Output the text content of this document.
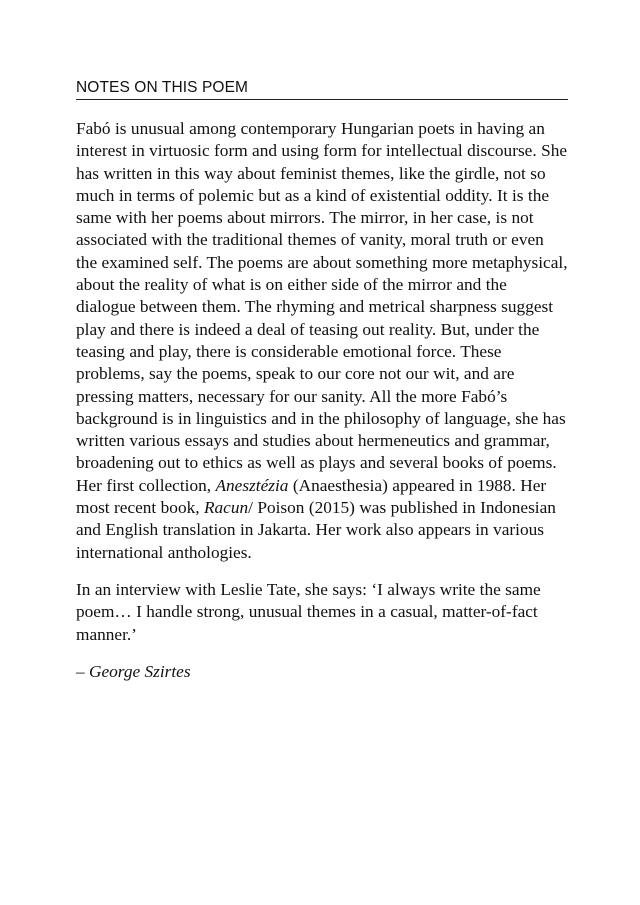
NOTES ON THIS POEM

Fabó is unusual among contemporary Hungarian poets in having an interest in virtuosic form and using form for intellectual discourse. She has written in this way about feminist themes, like the girdle, not so much in terms of polemic but as a kind of existential oddity. It is the same with her poems about mirrors. The mirror, in her case, is not associated with the traditional themes of vanity, moral truth or even the examined self. The poems are about something more metaphysical, about the reality of what is on either side of the mirror and the dialogue between them. The rhyming and metrical sharpness suggest play and there is indeed a deal of teasing out reality. But, under the teasing and play, there is considerable emotional force. These problems, say the poems, speak to our core not our wit, and are pressing matters, necessary for our sanity. All the more Fabó’s background is in linguistics and in the philosophy of language, she has written various essays and studies about hermeneutics and grammar, broadening out to ethics as well as plays and several books of poems. Her first collection, Anesztézia (Anaesthesia) appeared in 1988. Her most recent book, Racun/ Poison (2015) was published in Indonesian and English translation in Jakarta. Her work also appears in various international anthologies.

In an interview with Leslie Tate, she says: ‘I always write the same poem… I handle strong, unusual themes in a casual, matter-of-fact manner.’

– George Szirtes
